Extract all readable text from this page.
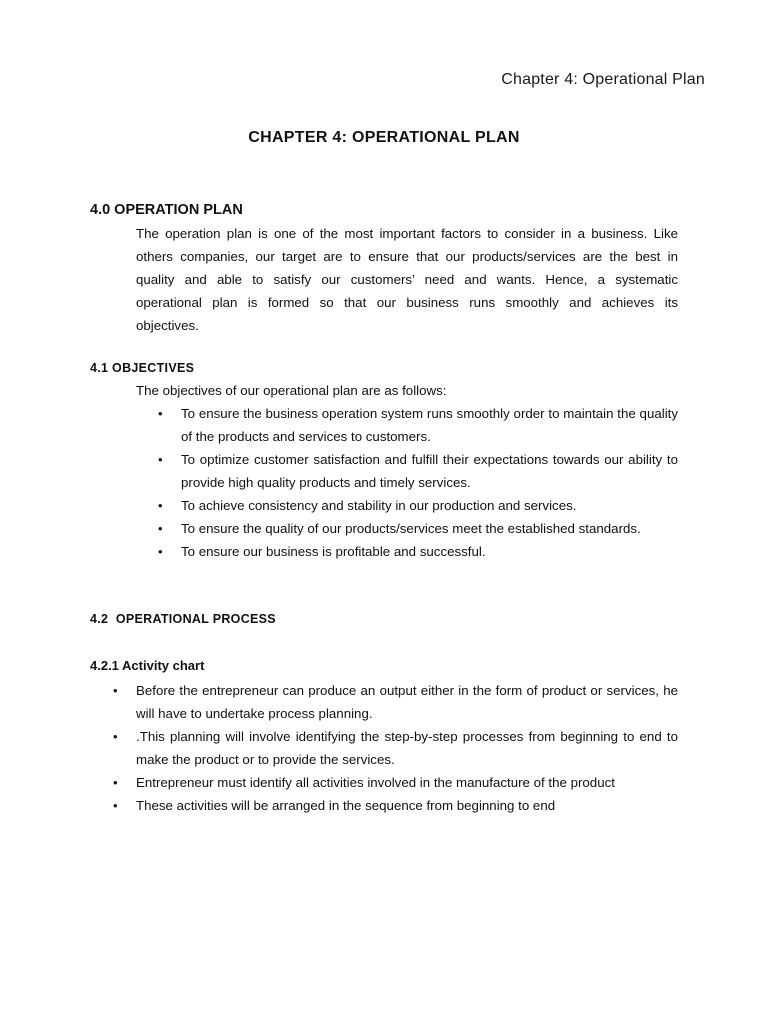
Chapter 4: Operational Plan
CHAPTER 4: OPERATIONAL PLAN
4.0 OPERATION PLAN
The operation plan is one of the most important factors to consider in a business. Like
others companies, our target are to ensure that our products/services are the best in
quality and able to satisfy our customers’ need and wants. Hence, a systematic
operational plan is formed so that our business runs smoothly and achieves its
objectives.
4.1 OBJECTIVES
The objectives of our operational plan are as follows:
• To ensure the business operation system runs smoothly order to maintain the quality of the products and services to customers.
• To optimize customer satisfaction and fulfill their expectations towards our ability to provide high quality products and timely services.
• To achieve consistency and stability in our production and services.
• To ensure the quality of our products/services meet the established standards.
• To ensure our business is profitable and successful.
4.2  OPERATIONAL PROCESS
4.2.1 Activity chart
• Before the entrepreneur can produce an output either in the form of product or services, he will have to undertake process planning.
• .This planning will involve identifying the step-by-step processes from beginning to end to make the product or to provide the services.
• Entrepreneur must identify all activities involved in the manufacture of the product
• These activities will be arranged in the sequence from beginning to end
